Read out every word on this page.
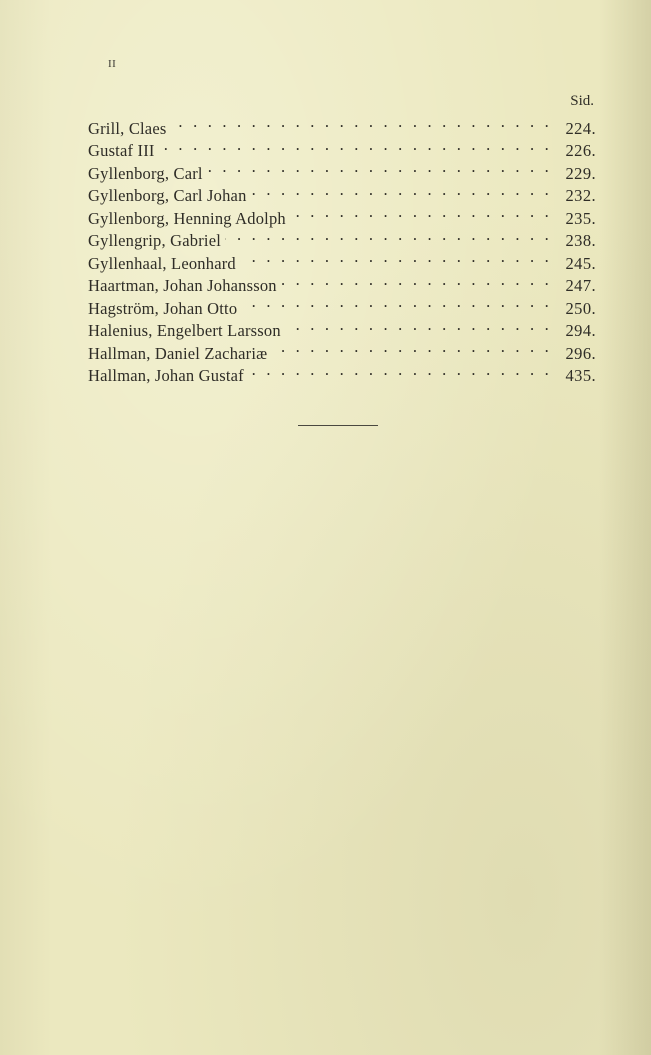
II
Sid.
Grill, Claes . . .	224.
Gustaf III . . .	226.
Gyllenborg, Carl . . .	229.
Gyllenborg, Carl Johan . . .	232.
Gyllenborg, Henning Adolph . . .	235.
Gyllengrip, Gabriel . . .	238.
Gyllenhaal, Leonhard . . .	245.
Haartman, Johan Johansson . . .	247.
Hagström, Johan Otto . . .	250.
Halenius, Engelbert Larsson . . .	294.
Hallman, Daniel Zachariæ . . .	296.
Hallman, Johan Gustaf . . .	435.
